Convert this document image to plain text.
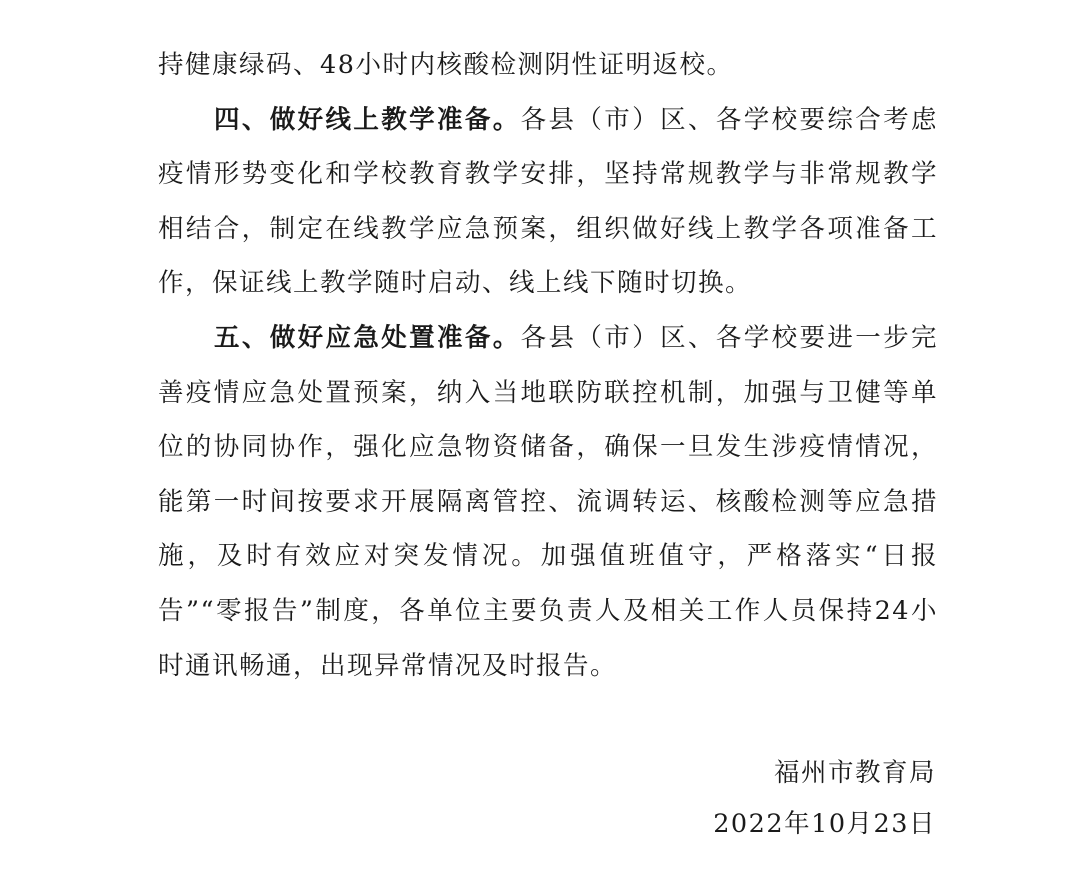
持健康绿码、48小时内核酸检测阴性证明返校。

四、做好线上教学准备。各县（市）区、各学校要综合考虑疫情形势变化和学校教育教学安排，坚持常规教学与非常规教学相结合，制定在线教学应急预案，组织做好线上教学各项准备工作，保证线上教学随时启动、线上线下随时切换。

五、做好应急处置准备。各县（市）区、各学校要进一步完善疫情应急处置预案，纳入当地联防联控机制，加强与卫健等单位的协同协作，强化应急物资储备，确保一旦发生涉疫情情况，能第一时间按要求开展隔离管控、流调转运、核酸检测等应急措施，及时有效应对突发情况。加强值班值守，严格落实“日报告”“零报告”制度，各单位主要负责人及相关工作人员保持24小时通讯畅通，出现异常情况及时报告。

福州市教育局
2022年10月23日
